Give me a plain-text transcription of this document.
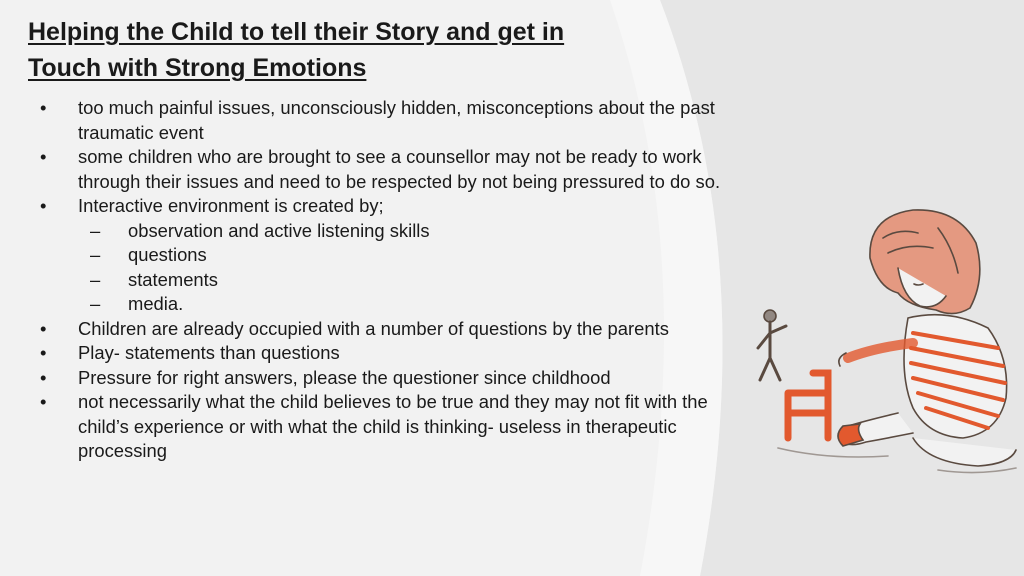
Helping the Child to tell their Story and get in
Touch with Strong Emotions
•	too much painful issues, unconsciously hidden, misconceptions about the past traumatic event
•	some children who are brought to see a counsellor may not be ready to work through their issues and need to be respected by not being pressured to do so.
•	Interactive environment is created by;
–	observation and active listening skills
–	questions
–	statements
–	media.
•	Children are already occupied with a number of questions by the parents
•	Play- statements than questions
•	Pressure for right answers, please the questioner since childhood
•	not necessarily what the child believes to be true and they may not fit with the child’s experience or with what the child is thinking- useless in therapeutic processing
